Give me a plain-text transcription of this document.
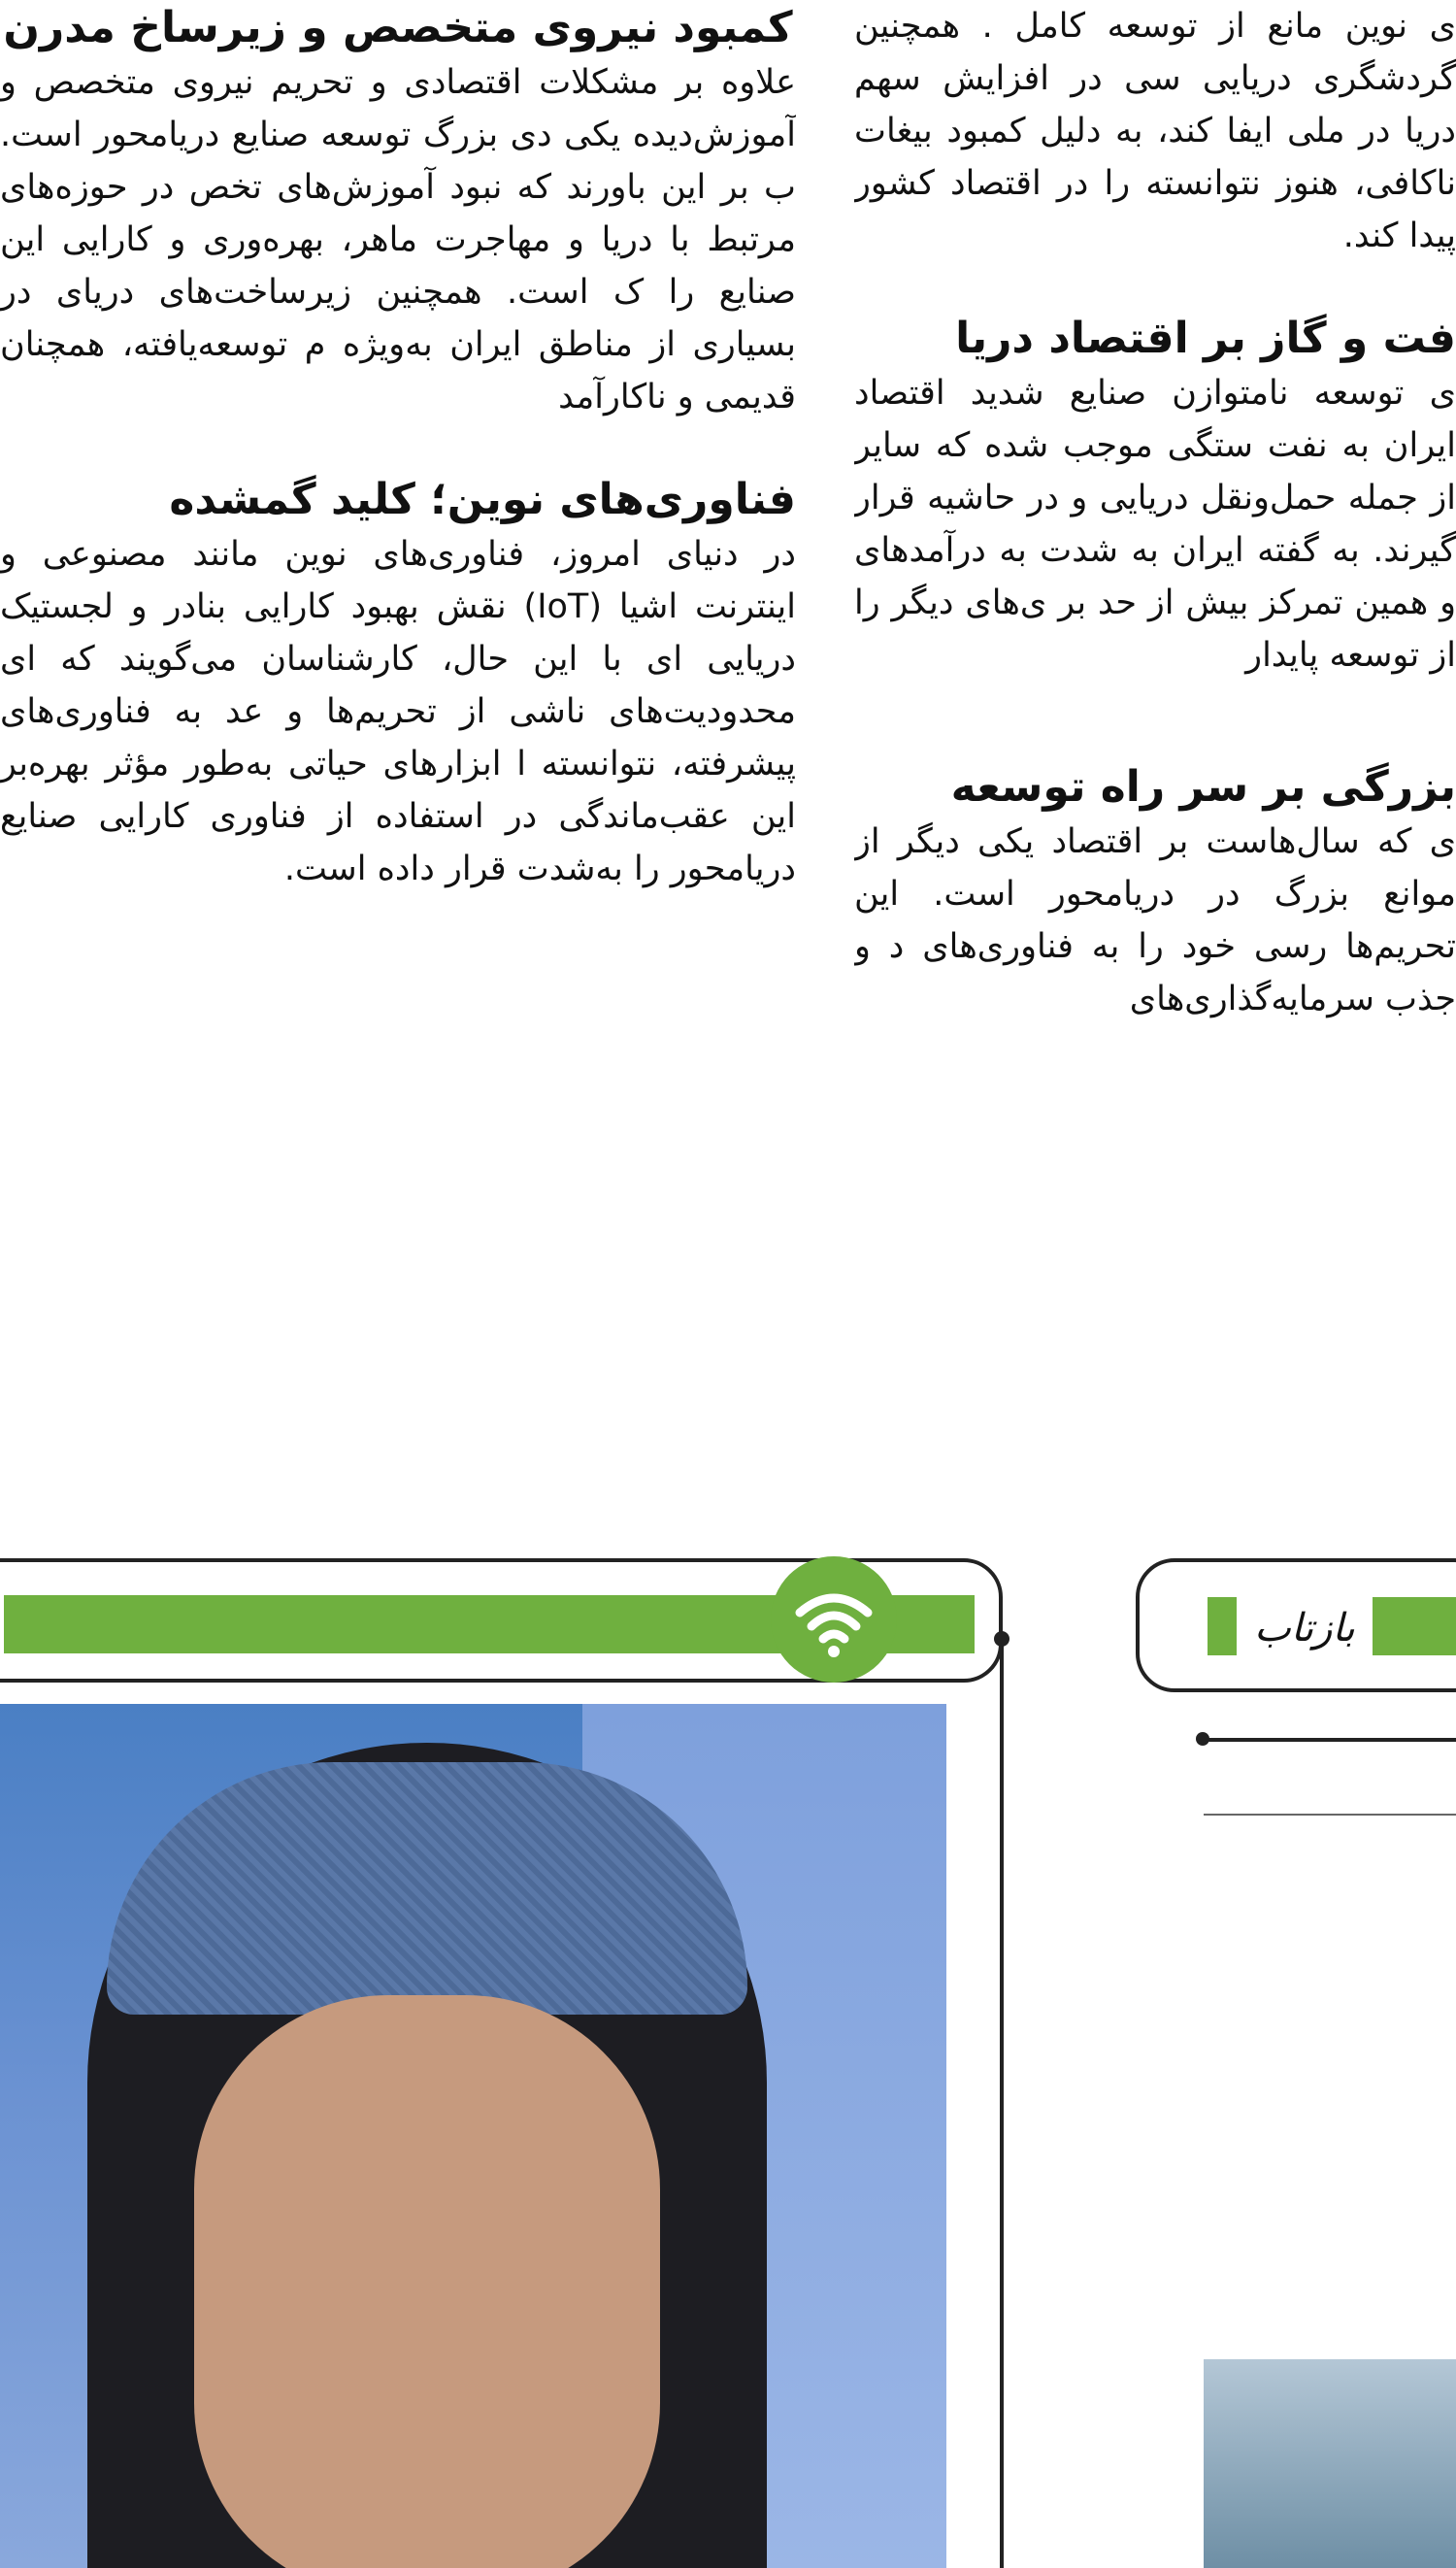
کمبود نیروی متخصص و زیرساخ مدرن

علاوه بر مشکلات اقتصادی و تحریم نیروی متخصص و آموزش‌دیده یکی دی بزرگ توسعه صنایع دریامحور است. ب بر این باورند که نبود آموزش‌های تخص در حوزه‌های مرتبط با دریا و مهاجرت ماهر، بهره‌وری و کارایی این صنایع را ک است. همچنین زیرساخت‌های دریای در بسیاری از مناطق ایران به‌ویژه م توسعه‌یافته، همچنان قدیمی و ناکارآمد

فناوری‌های نوین؛ کلید گمشده

در دنیای امروز، فناوری‌های نوین مانند مصنوعی و اینترنت اشیا (IoT) نقش بهبود کارایی بنادر و لجستیک دریایی ای با این حال، کارشناسان می‌گویند که ای محدودیت‌های ناشی از تحریم‌ها و عد به فناوری‌های پیشرفته، نتوانسته ا ابزارهای حیاتی به‌طور مؤثر بهره‌بر این عقب‌ماندگی در استفاده از فناوری کارایی صنایع دریامحور را به‌شدت قرار داده است.

ی نوین مانع از توسعه کامل . همچنین گردشگری دریایی سی در افزایش سهم دریا در ملی ایفا کند، به دلیل کمبود بیغات ناکافی، هنوز نتوانسته را در اقتصاد کشور پیدا کند.

فت و گاز بر اقتصاد دریا

ی توسعه نامتوازن صنایع شدید اقتصاد ایران به نفت ستگی موجب شده که سایر از جمله حمل‌ونقل دریایی و در حاشیه قرار گیرند. به گفته ایران به شدت به درآمدهای و همین تمرکز بیش از حد بر ی‌های دیگر را از توسعه پایدار

بزرگی بر سر راه توسعه

ی که سال‌هاست بر اقتصاد یکی دیگر از موانع بزرگ در دریامحور است. این تحریم‌ها رسی خود را به فناوری‌های د و جذب سرمایه‌گذاری‌های

بازتاب
